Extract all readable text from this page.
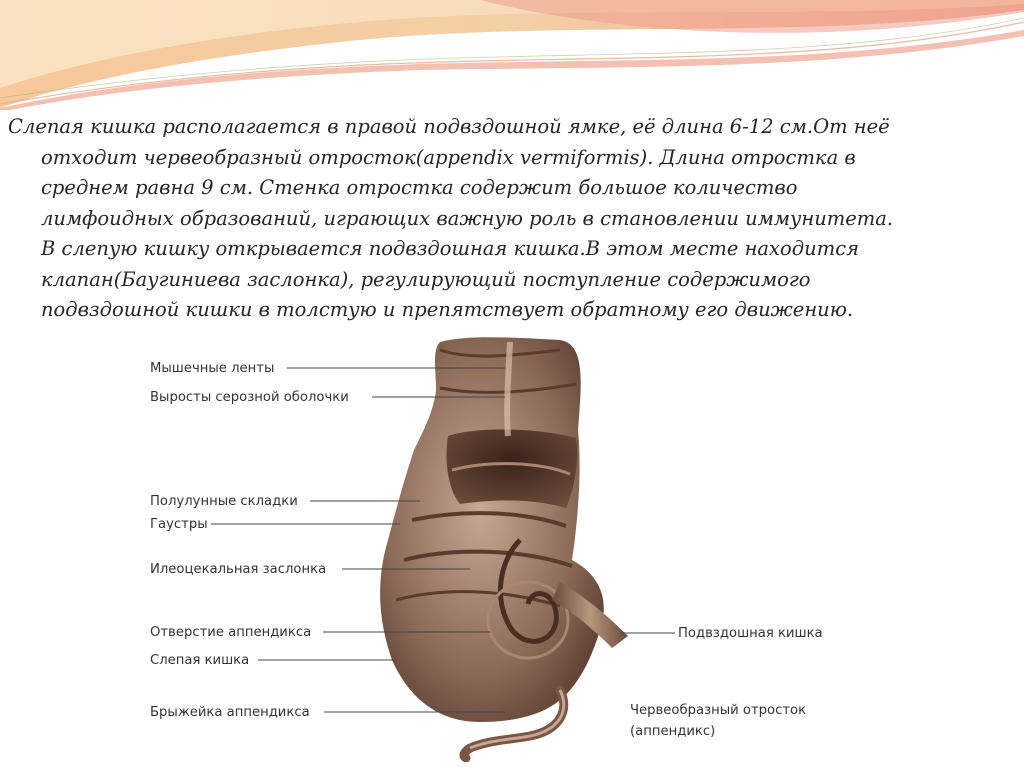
Слепая кишка располагается в правой подвздошной ямке, её длина 6-12 см.От неё
отходит червеобразный отросток(appendix vermiformis). Длина отростка в
среднем равна 9 см. Стенка отростка содержит большое количество
лимфоидных образований, играющих важную роль в становлении иммунитета.
В слепую кишку открывается подвздошная кишка.В этом месте находится
клапан(Баугиниева заслонка), регулирующий поступление содержимого
подвздошной кишки в толстую и препятствует обратному его движению.
Мышечные ленты
Выросты серозной оболочки
Полулунные складки
Гаустры
Илеоцекальная заслонка
Отверстие аппендикса
Слепая кишка
Брыжейка аппендикса
Подвздошная кишка
Червеобразный отросток
(аппендикс)
